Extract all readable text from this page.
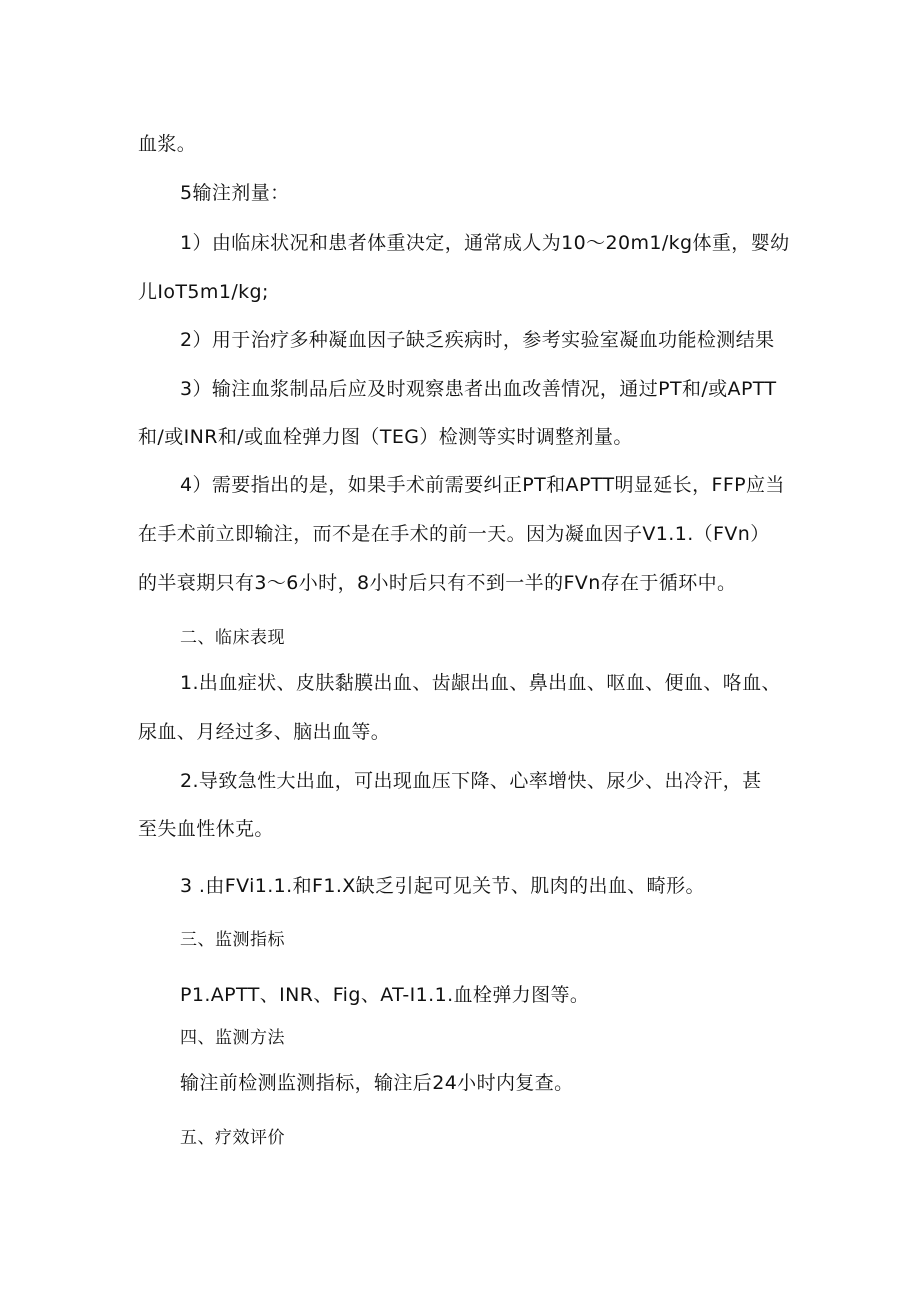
血浆。
5输注剂量：
1）由临床状况和患者体重决定，通常成人为10〜20m1∕kg体重，婴幼
儿IoT5m1∕kg;
2）用于治疗多种凝血因子缺乏疾病时，参考实验室凝血功能检测结果
3）输注血浆制品后应及时观察患者出血改善情况，通过PT和/或APTT
和/或INR和/或血栓弹力图（TEG）检测等实时调整剂量。
4）需要指出的是，如果手术前需要纠正PT和APTT明显延长，FFP应当
在手术前立即输注，而不是在手术的前一天。因为凝血因子V1.1.（FVn）
的半衰期只有3〜6小时，8小时后只有不到一半的FVn存在于循环中。
二、临床表现
1.出血症状、皮肤黏膜出血、齿龈出血、鼻出血、呕血、便血、咯血、
尿血、月经过多、脑出血等。
2.导致急性大出血，可出现血压下降、心率增快、尿少、出冷汗，甚
至失血性休克。
3 .由FVi1.1.和F1.X缺乏引起可见关节、肌肉的出血、畸形。
三、监测指标
P1.APTT、INR、Fig、AT-I1.1.血栓弹力图等。
四、监测方法
输注前检测监测指标，输注后24小时内复查。
五、疗效评价
